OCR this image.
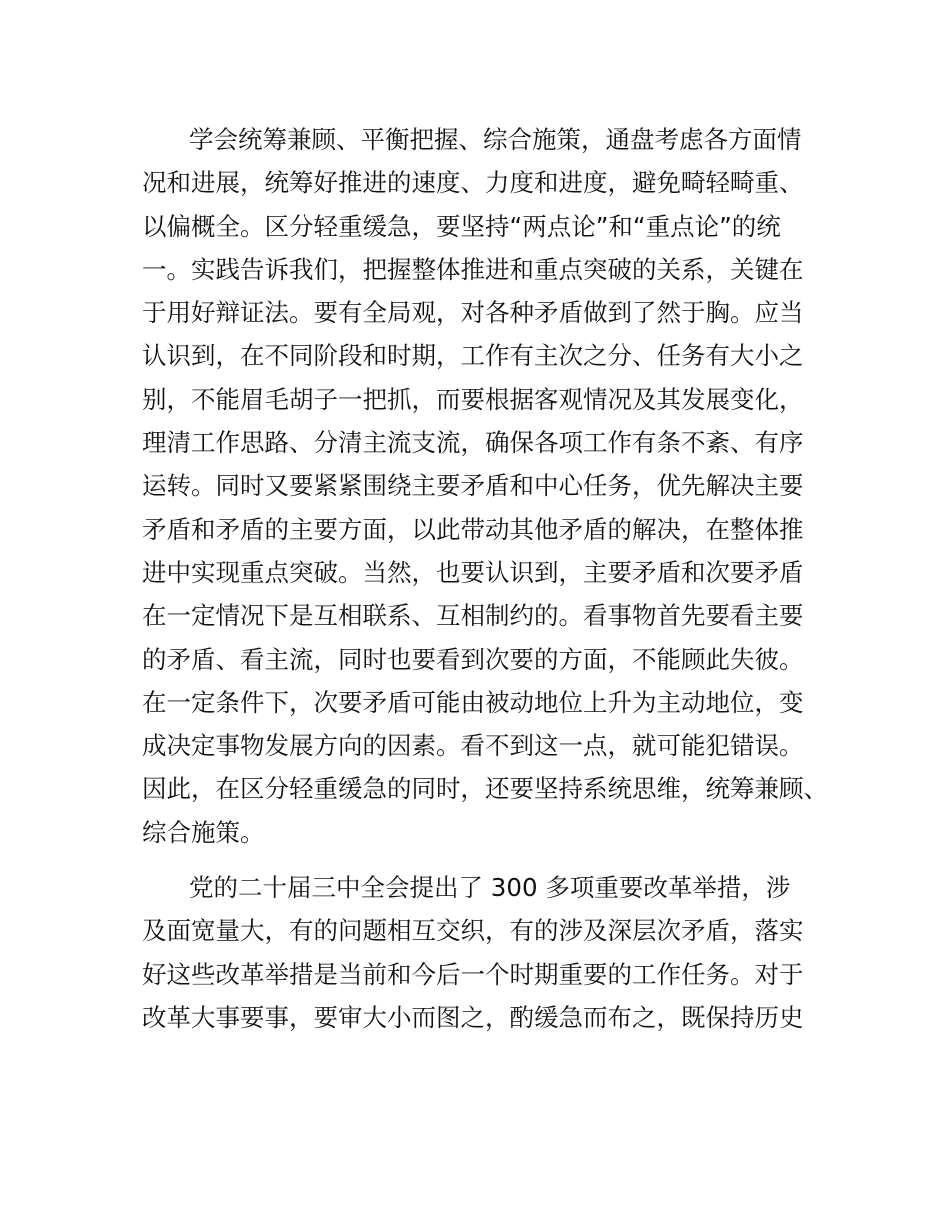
学会统筹兼顾、平衡把握、综合施策，通盘考虑各方面情
况和进展，统筹好推进的速度、力度和进度，避免畸轻畸重、
以偏概全。区分轻重缓急，要坚持“两点论”和“重点论”的统
一。实践告诉我们，把握整体推进和重点突破的关系，关键在
于用好辩证法。要有全局观，对各种矛盾做到了然于胸。应当
认识到，在不同阶段和时期，工作有主次之分、任务有大小之
别，不能眉毛胡子一把抓，而要根据客观情况及其发展变化，
理清工作思路、分清主流支流，确保各项工作有条不紊、有序
运转。同时又要紧紧围绕主要矛盾和中心任务，优先解决主要
矛盾和矛盾的主要方面，以此带动其他矛盾的解决，在整体推
进中实现重点突破。当然，也要认识到，主要矛盾和次要矛盾
在一定情况下是互相联系、互相制约的。看事物首先要看主要
的矛盾、看主流，同时也要看到次要的方面，不能顾此失彼。
在一定条件下，次要矛盾可能由被动地位上升为主动地位，变
成决定事物发展方向的因素。看不到这一点，就可能犯错误。
因此，在区分轻重缓急的同时，还要坚持系统思维，统筹兼顾、
综合施策。
党的二十届三中全会提出了 300 多项重要改革举措，涉
及面宽量大，有的问题相互交织，有的涉及深层次矛盾，落实
好这些改革举措是当前和今后一个时期重要的工作任务。对于
改革大事要事，要审大小而图之，酌缓急而布之，既保持历史
